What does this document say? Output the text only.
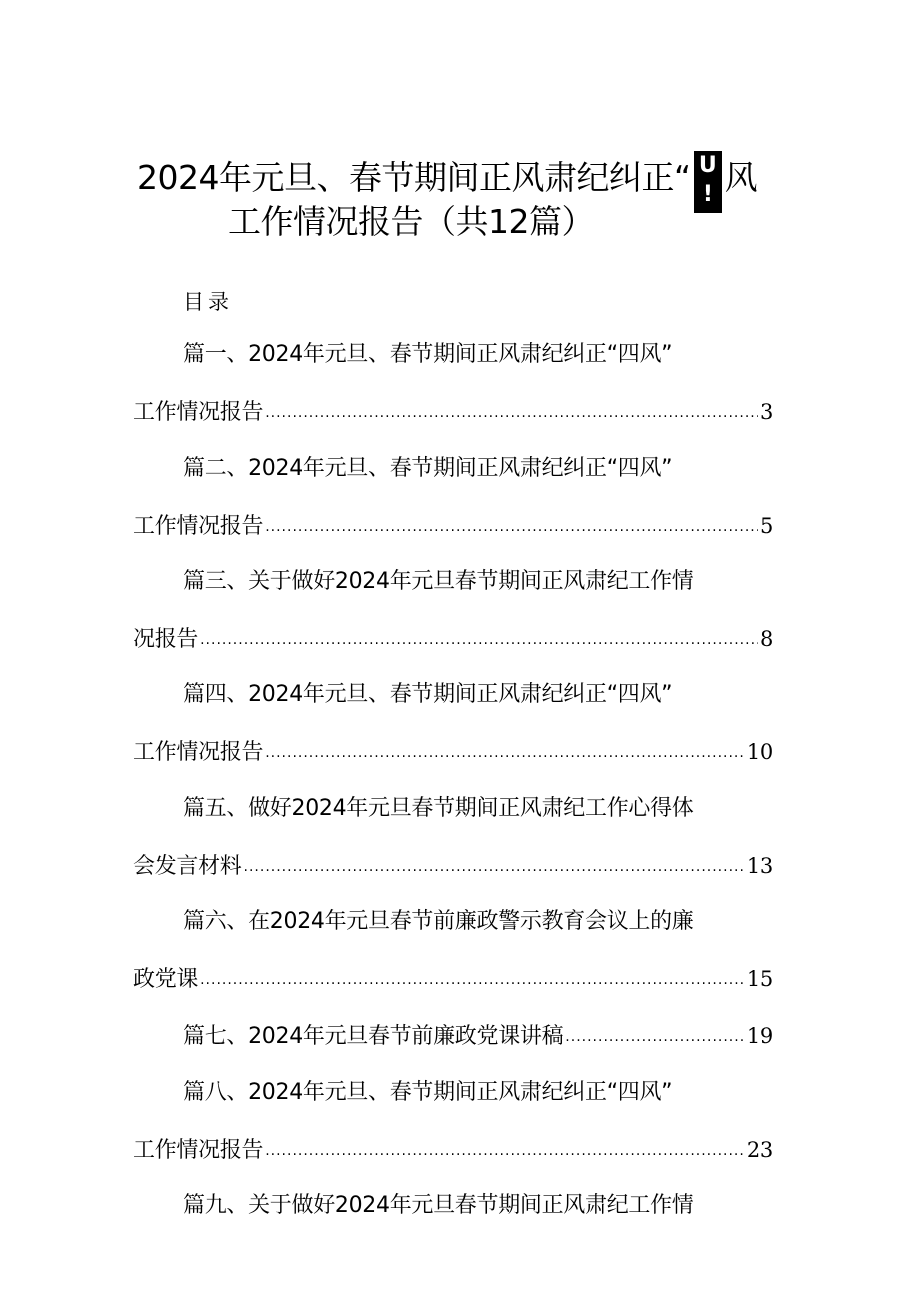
2024年元旦、春节期间正风肃纪纠正“ U
! 风
工作情况报告（共12篇）
目录
篇一、2024年元旦、春节期间正风肃纪纠正“四风”
工作情况报告 .....	3
篇二、2024年元旦、春节期间正风肃纪纠正“四风”
工作情况报告 .....	5
篇三、关于做好2024年元旦春节期间正风肃纪工作情
况报告 .....	8
篇四、2024年元旦、春节期间正风肃纪纠正“四风”
工作情况报告 .....	10
篇五、做好2024年元旦春节期间正风肃纪工作心得体
会发言材料 .....	13
篇六、在2024年元旦春节前廉政警示教育会议上的廉
政党课 .....	15
篇七、2024年元旦春节前廉政党课讲稿 .....	19
篇八、2024年元旦、春节期间正风肃纪纠正“四风”
工作情况报告 .....	23
篇九、关于做好2024年元旦春节期间正风肃纪工作情
